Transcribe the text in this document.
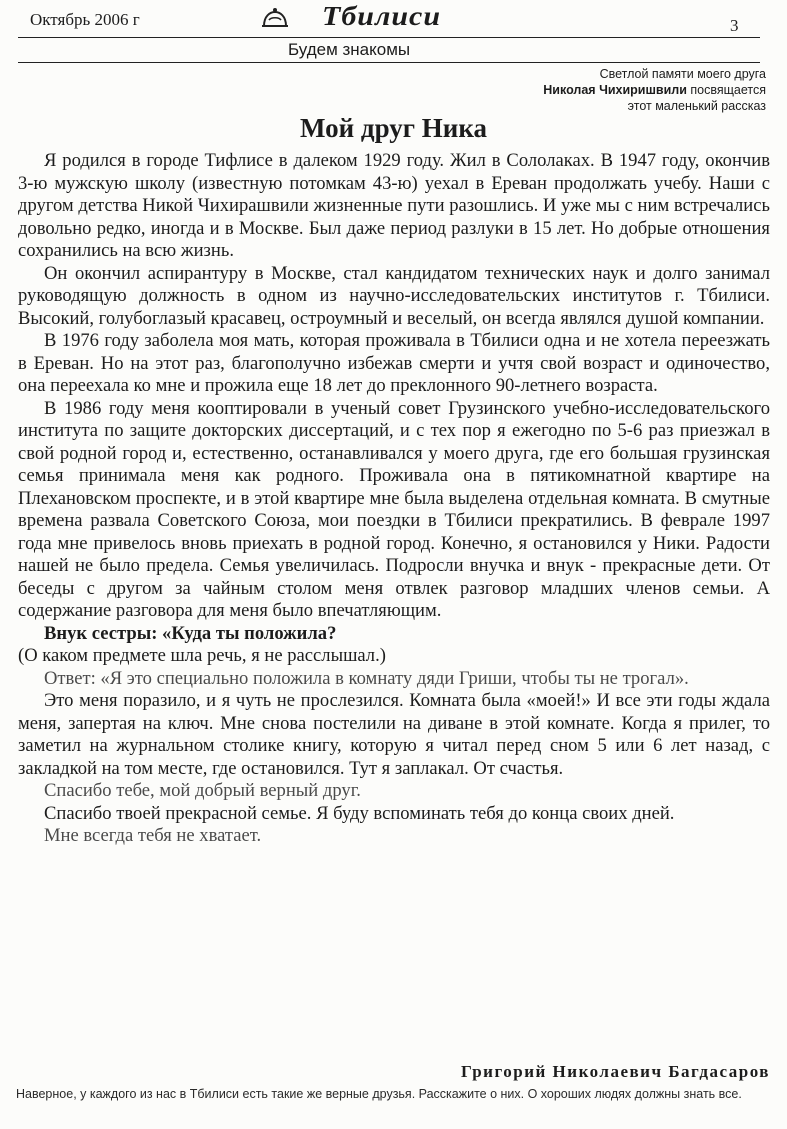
Октябрь 2006 г	Тбилиси	3
Будем знакомы
Светлой памяти моего друга
Николая Чихиришвили посвящается
этот маленький рассказ
Мой друг Ника

Я родился в городе Тифлисе в далеком 1929 году. Жил в Сололаках. В 1947 году, окончив 3-ю мужскую школу (известную потомкам 43-ю) уехал в Ереван продолжать учебу. Наши с другом детства Никой Чихирашвили жизненные пути разошлись. И уже мы с ним встречались довольно редко, иногда и в Москве. Был даже период разлуки в 15 лет. Но добрые отношения сохранились на всю жизнь.

Он окончил аспирантуру в Москве, стал кандидатом технических наук и долго занимал руководящую должность в одном из научно-исследовательских институтов г. Тбилиси. Высокий, голубоглазый красавец, остроумный и веселый, он всегда являлся душой компании.

В 1976 году заболела моя мать, которая проживала в Тбилиси одна и не хотела переезжать в Ереван. Но на этот раз, благополучно избежав смерти и учтя свой возраст и одиночество, она переехала ко мне и прожила еще 18 лет до преклонного 90-летнего возраста.

В 1986 году меня кооптировали в ученый совет Грузинского учебно-исследовательского института по защите докторских диссертаций, и с тех пор я ежегодно по 5-6 раз приезжал в свой родной город и, естественно, останавливался у моего друга, где его большая грузинская семья принимала меня как родного. Проживала она в пятикомнатной квартире на Плехановском проспекте, и в этой квартире мне была выделена отдельная комната. В смутные времена развала Советского Союза, мои поездки в Тбилиси прекратились. В феврале 1997 года мне привелось вновь приехать в родной город. Конечно, я остановился у Ники. Радости нашей не было предела. Семья увеличилась. Подросли внучка и внук - прекрасные дети. От беседы с другом за чайным столом меня отвлек разговор младших членов семьи. А содержание разговора для меня было впечатляющим.

Внук сестры: «Куда ты положила?

(О каком предмете шла речь, я не расслышал.)

Ответ: «Я это специально положила в комнату дяди Гриши, чтобы ты не трогал».

Это меня поразило, и я чуть не прослезился. Комната была «моей!» И все эти годы ждала меня, запертая на ключ. Мне снова постелили на диване в этой комнате. Когда я прилег, то заметил на журнальном столике книгу, которую я читал перед сном 5 или 6 лет назад, с закладкой на том месте, где остановился. Тут я заплакал. От счастья.

Спасибо тебе, мой добрый верный друг.

Спасибо твоей прекрасной семье. Я буду вспоминать тебя до конца своих дней.

Мне всегда тебя не хватает.

Григорий Николаевич Багдасаров
Наверное, у каждого из нас в Тбилиси есть такие же верные друзья. Расскажите о них. О хороших людях должны знать все.
